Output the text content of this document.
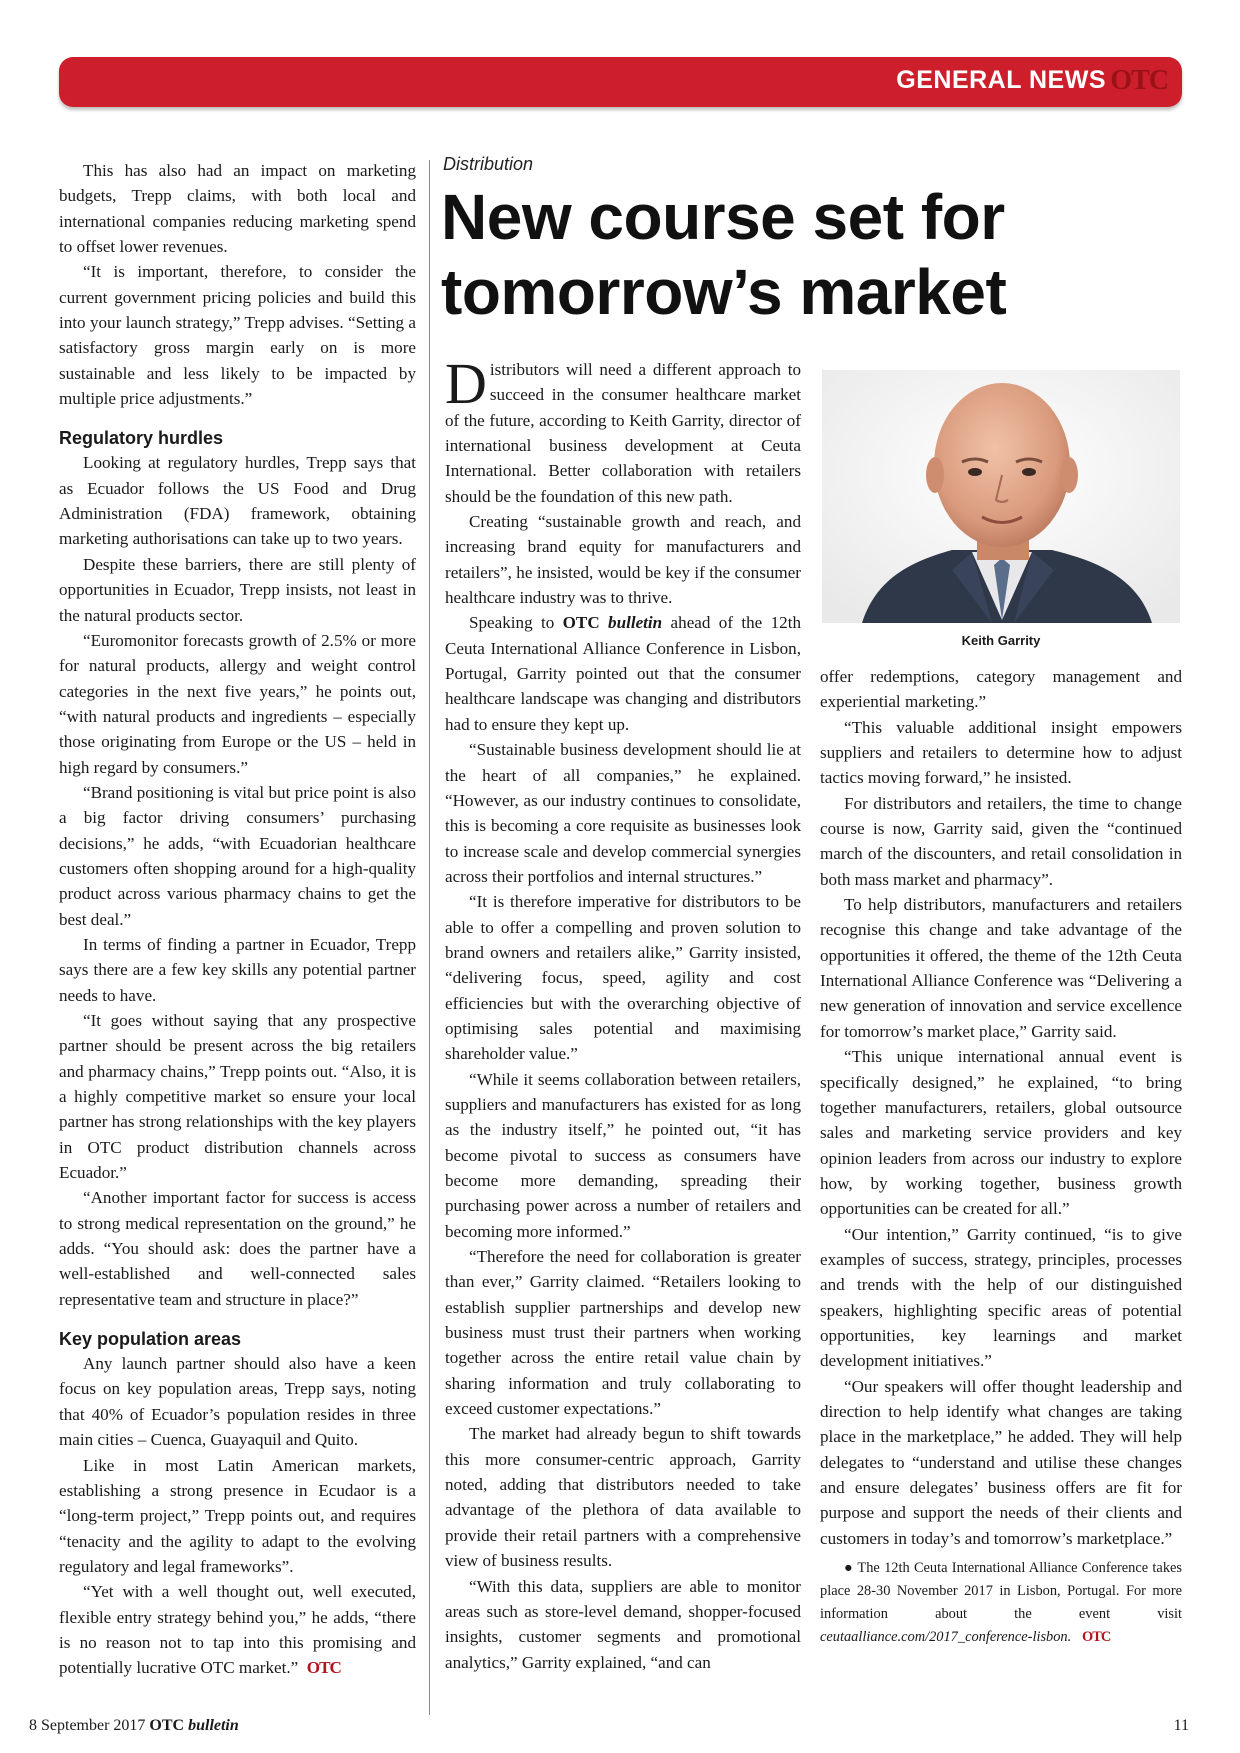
GENERAL NEWS OTC

This has also had an impact on marketing budgets, Trepp claims, with both local and international companies reducing marketing spend to offset lower revenues.

“It is important, therefore, to consider the current government pricing policies and build this into your launch strategy,” Trepp advises. “Setting a satisfactory gross margin early on is more sustainable and less likely to be impacted by multiple price adjustments.”

Regulatory hurdles

Looking at regulatory hurdles, Trepp says that as Ecuador follows the US Food and Drug Administration (FDA) framework, obtaining marketing authorisations can take up to two years.

Despite these barriers, there are still plenty of opportunities in Ecuador, Trepp insists, not least in the natural products sector.

“Euromonitor forecasts growth of 2.5% or more for natural products, allergy and weight control categories in the next five years,” he points out, “with natural products and ingredients – especially those originating from Europe or the US – held in high regard by consumers.”

“Brand positioning is vital but price point is also a big factor driving consumers’ purchasing decisions,” he adds, “with Ecuadorian healthcare customers often shopping around for a high-quality product across various pharmacy chains to get the best deal.”

In terms of finding a partner in Ecuador, Trepp says there are a few key skills any potential partner needs to have.

“It goes without saying that any prospective partner should be present across the big retailers and pharmacy chains,” Trepp points out. “Also, it is a highly competitive market so ensure your local partner has strong relationships with the key players in OTC product distribution channels across Ecuador.”

“Another important factor for success is access to strong medical representation on the ground,” he adds. “You should ask: does the partner have a well-established and well-connected sales representative team and structure in place?”

Key population areas

Any launch partner should also have a keen focus on key population areas, Trepp says, noting that 40% of Ecuador’s population resides in three main cities – Cuenca, Guayaquil and Quito.

Like in most Latin American markets, establishing a strong presence in Ecudaor is a “long-term project,” Trepp points out, and requires “tenacity and the agility to adapt to the evolving regulatory and legal frameworks”.

“Yet with a well thought out, well executed, flexible entry strategy behind you,” he adds, “there is no reason not to tap into this promising and potentially lucrative OTC market.” OTC

Distribution
New course set for
tomorrow’s market

Distributors will need a different approach to succeed in the consumer healthcare market of the future, according to Keith Garrity, director of international business development at Ceuta International. Better collaboration with retailers should be the foundation of this new path.

Creating “sustainable growth and reach, and increasing brand equity for manufacturers and retailers”, he insisted, would be key if the consumer healthcare industry was to thrive.

Speaking to OTC bulletin ahead of the 12th Ceuta International Alliance Conference in Lisbon, Portugal, Garrity pointed out that the consumer healthcare landscape was changing and distributors had to ensure they kept up.

“Sustainable business development should lie at the heart of all companies,” he explained. “However, as our industry continues to consolidate, this is becoming a core requisite as businesses look to increase scale and develop commercial synergies across their portfolios and internal structures.”

“It is therefore imperative for distributors to be able to offer a compelling and proven solution to brand owners and retailers alike,” Garrity insisted, “delivering focus, speed, agility and cost efficiencies but with the overarching objective of optimising sales potential and maximising shareholder value.”

“While it seems collaboration between retailers, suppliers and manufacturers has existed for as long as the industry itself,” he pointed out, “it has become pivotal to success as consumers have become more demanding, spreading their purchasing power across a number of retailers and becoming more informed.”

“Therefore the need for collaboration is greater than ever,” Garrity claimed. “Retailers looking to establish supplier partnerships and develop new business must trust their partners when working together across the entire retail value chain by sharing information and truly collaborating to exceed customer expectations.”

The market had already begun to shift towards this more consumer-centric approach, Garrity noted, adding that distributors needed to take advantage of the plethora of data available to provide their retail partners with a comprehensive view of business results.

“With this data, suppliers are able to monitor areas such as store-level demand, shopper-focused insights, customer segments and promotional analytics,” Garrity explained, “and can

Keith Garrity

offer redemptions, category management and experiential marketing.”

“This valuable additional insight empowers suppliers and retailers to determine how to adjust tactics moving forward,” he insisted.

For distributors and retailers, the time to change course is now, Garrity said, given the “continued march of the discounters, and retail consolidation in both mass market and pharmacy”.

To help distributors, manufacturers and retailers recognise this change and take advantage of the opportunities it offered, the theme of the 12th Ceuta International Alliance Conference was “Delivering a new generation of innovation and service excellence for tomorrow’s market place,” Garrity said.

“This unique international annual event is specifically designed,” he explained, “to bring together manufacturers, retailers, global outsource sales and marketing service providers and key opinion leaders from across our industry to explore how, by working together, business growth opportunities can be created for all.”

“Our intention,” Garrity continued, “is to give examples of success, strategy, principles, processes and trends with the help of our distinguished speakers, highlighting specific areas of potential opportunities, key learnings and market development initiatives.”

“Our speakers will offer thought leadership and direction to help identify what changes are taking place in the marketplace,” he added. They will help delegates to “understand and utilise these changes and ensure delegates’ business offers are fit for purpose and support the needs of their clients and customers in today’s and tomorrow’s marketplace.”

● The 12th Ceuta International Alliance Conference takes place 28-30 November 2017 in Lisbon, Portugal. For more information about the event visit ceutaalliance.com/2017_conference-lisbon. OTC

8 September 2017 OTC bulletin	11
